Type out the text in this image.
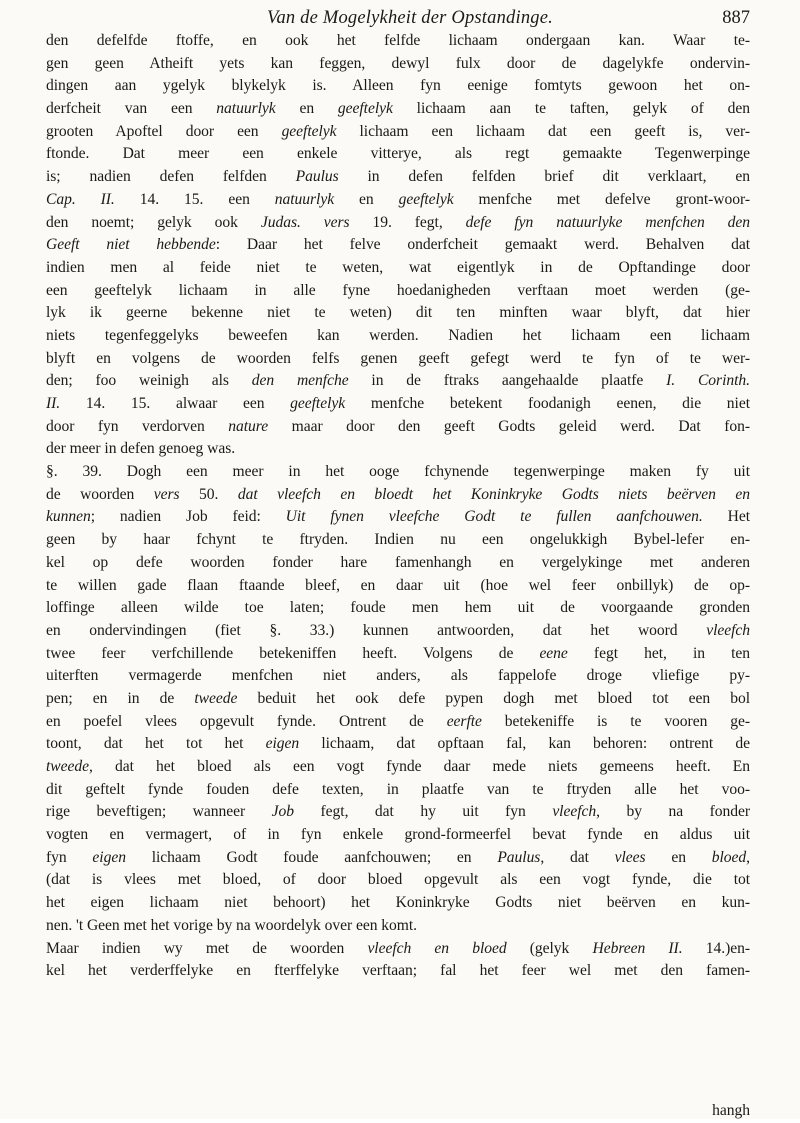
Van de Mogelykheit der Opstandinge.	887
den defelfde ftoffe, en ook het felfde lichaam ondergaan kan. Waar te-
gen geen Atheift yets kan feggen, dewyl fulx door de dagelykfe ondervin-
dingen aan ygelyk blykelyk is. Alleen fyn eenige fomtyts gewoon het on-
derfcheit van een natuurlyk en geeftelyk lichaam aan te taften, gelyk of den
grooten Apoftel door een geeftelyk lichaam een lichaam dat een geeft is, ver-
ftonde. Dat meer een enkele vitterye, als regt gemaakte Tegenwerpinge
is; nadien defen felfden Paulus in defen felfden brief dit verklaart, en
Cap. II. 14. 15. een natuurlyk en geeftelyk menfche met defelve gront-woor-
den noemt; gelyk ook Judas. vers 19. fegt, defe fyn natuurlyke menfchen den
Geeft niet hebbende: Daar het felve onderfcheit gemaakt werd. Behalven dat
indien men al feide niet te weten, wat eigentlyk in de Opftandinge door
een geeftelyk lichaam in alle fyne hoedanigheden verftaan moet werden (ge-
lyk ik geerne bekenne niet te weten) dit ten minften waar blyft, dat hier
niets tegenfeggelyks beweefen kan werden. Nadien het lichaam een lichaam
blyft en volgens de woorden felfs genen geeft gefegt werd te fyn of te wer-
den; foo weinigh als den menfche in de ftraks aangehaalde plaatfe I. Corinth.
II. 14. 15. alwaar een geeftelyk menfche betekent foodanigh eenen, die niet
door fyn verdorven nature maar door den geeft Godts geleid werd. Dat fon-
der meer in defen genoeg was.
§. 39. Dogh een meer in het ooge fchynende tegenwerpinge maken fy uit
de woorden vers 50. dat vleefch en bloedt het Koninkryke Godts niets beërven en
kunnen; nadien Job feid: Uit fynen vleefche Godt te fullen aanfchouwen. Het
geen by haar fchynt te ftryden. Indien nu een ongelukkigh Bybel-lefer en-
kel op defe woorden fonder hare famenhangh en vergelykinge met anderen
te willen gade flaan ftaande bleef, en daar uit (hoe wel feer onbillyk) de op-
loffinge alleen wilde toe laten; foude men hem uit de voorgaande gronden
en ondervindingen (fiet §. 33.) kunnen antwoorden, dat het woord vleefch
twee feer verfchillende betekeniffen heeft. Volgens de eene fegt het, in ten
uiterften vermagerde menfchen niet anders, als fappelofe droge vliefige py-
pen; en in de tweede beduit het ook defe pypen dogh met bloed tot een bol
en poefel vlees opgevult fynde. Ontrent de eerfte betekeniffe is te vooren ge-
toont, dat het tot het eigen lichaam, dat opftaan fal, kan behoren: ontrent de
tweede, dat het bloed als een vogt fynde daar mede niets gemeens heeft. En
dit geftelt fynde fouden defe texten, in plaatfe van te ftryden alle het voo-
rige beveftigen; wanneer Job fegt, dat hy uit fyn vleefch, by na fonder
vogten en vermagert, of in fyn enkele grond-formeerfel bevat fynde en aldus uit
fyn eigen lichaam Godt foude aanfchouwen; en Paulus, dat vlees en bloed,
(dat is vlees met bloed, of door bloed opgevult als een vogt fynde, die tot
het eigen lichaam niet behoort) het Koninkryke Godts niet beërven en kun-
nen. 't Geen met het vorige by na woordelyk over een komt.
Maar indien wy met de woorden vleefch en bloed (gelyk Hebreen II. 14.)en-
kel het verderffelyke en fterffelyke verftaan; fal het feer wel met den famen-
hangh
